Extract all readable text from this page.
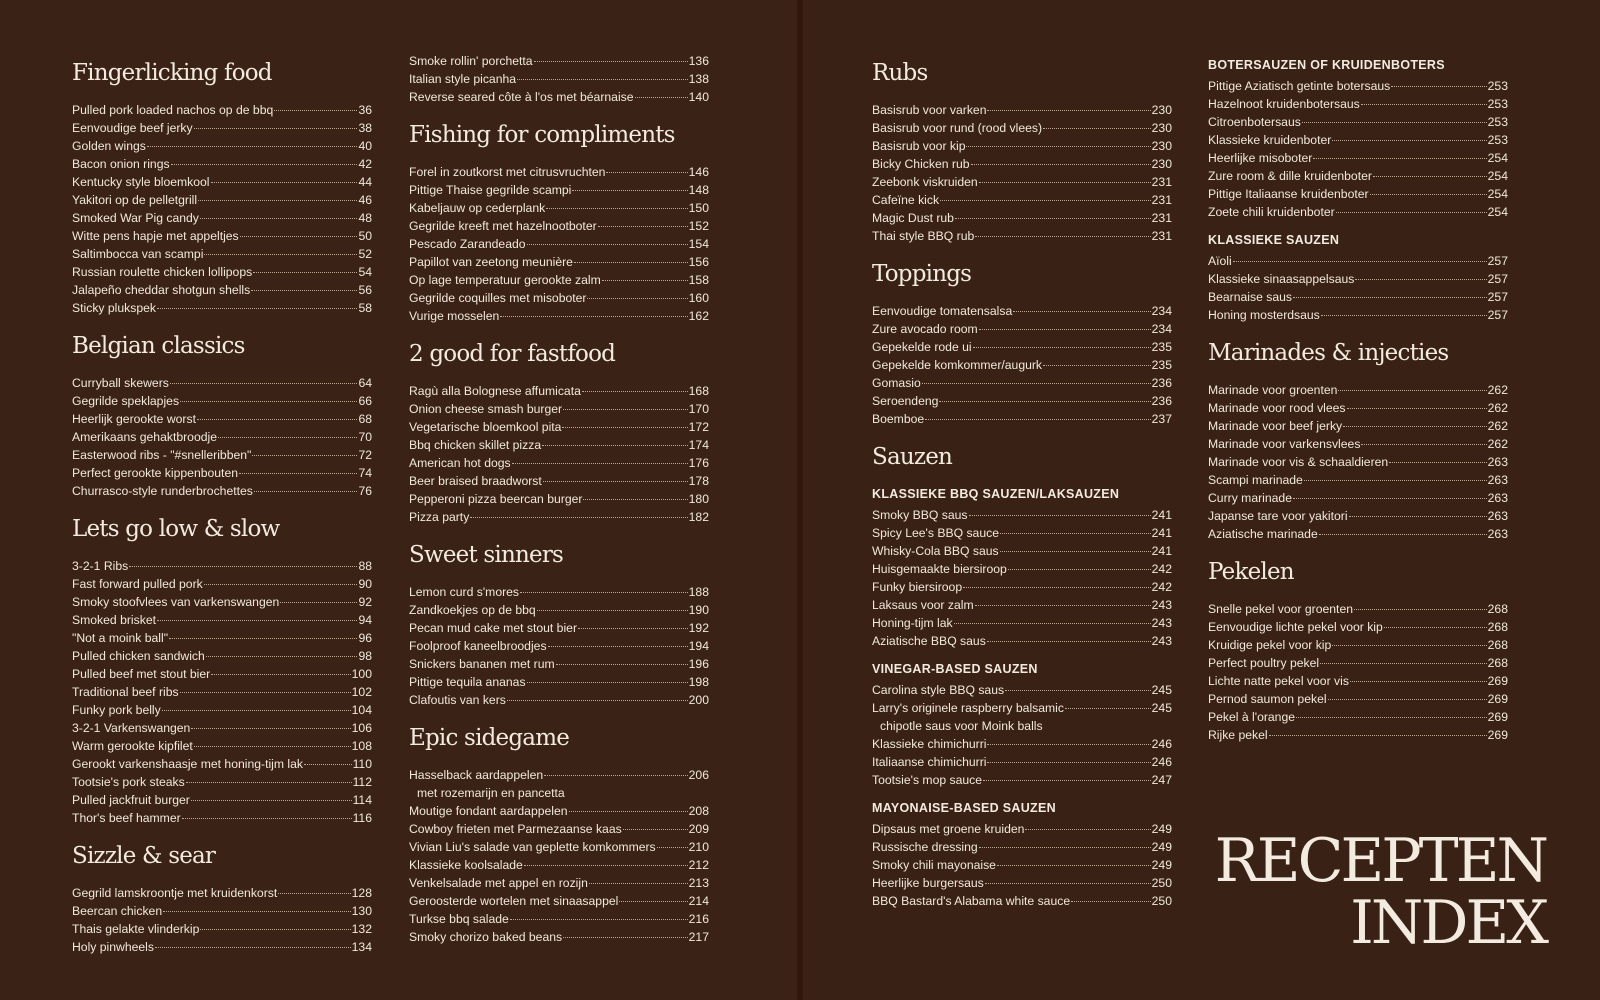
Fingerlicking food
Pulled pork loaded nachos op de bbq	36
Eenvoudige beef jerky	38
Golden wings	40
Bacon onion rings	42
Kentucky style bloemkool	44
Yakitori op de pelletgrill	46
Smoked War Pig candy	48
Witte pens hapje met appeltjes	50
Saltimbocca van scampi	52
Russian roulette chicken lollipops	54
Jalapeño cheddar shotgun shells	56
Sticky plukspek	58
Belgian classics
Curryball skewers	64
Gegrilde speklapjes	66
Heerlijk gerookte worst	68
Amerikaans gehaktbroodje	70
Easterwood ribs - "#snelleribben"	72
Perfect gerookte kippenbouten	74
Churrasco-style runderbrochettes	76
Lets go low & slow
3-2-1 Ribs	88
Fast forward pulled pork	90
Smoky stoofvlees van varkenswangen	92
Smoked brisket	94
"Not a moink ball"	96
Pulled chicken sandwich	98
Pulled beef met stout bier	100
Traditional beef ribs	102
Funky pork belly	104
3-2-1 Varkenswangen	106
Warm gerookte kipfilet	108
Gerookt varkenshaasje met honing-tijm lak	110
Tootsie's pork steaks	112
Pulled jackfruit burger	114
Thor's beef hammer	116
Sizzle & sear
Gegrild lamskroontje met kruidenkorst	128
Beercan chicken	130
Thais gelakte vlinderkip	132
Holy pinwheels	134
Smoke rollin' porchetta	136
Italian style picanha	138
Reverse seared côte à l'os met béarnaise	140
Fishing for compliments
Forel in zoutkorst met citrusvruchten	146
Pittige Thaise gegrilde scampi	148
Kabeljauw op cederplank	150
Gegrilde kreeft met hazelnootboter	152
Pescado Zarandeado	154
Papillot van zeetong meunière	156
Op lage temperatuur gerookte zalm	158
Gegrilde coquilles met misoboter	160
Vurige mosselen	162
2 good for fastfood
Ragù alla Bolognese affumicata	168
Onion cheese smash burger	170
Vegetarische bloemkool pita	172
Bbq chicken skillet pizza	174
American hot dogs	176
Beer braised braadworst	178
Pepperoni pizza beercan burger	180
Pizza party	182
Sweet sinners
Lemon curd s'mores	188
Zandkoekjes op de bbq	190
Pecan mud cake met stout bier	192
Foolproof kaneelbroodjes	194
Snickers bananen met rum	196
Pittige tequila ananas	198
Clafoutis van kers	200
Epic sidegame
Hasselback aardappelen	206
met rozemarijn en pancetta
Moutige fondant aardappelen	208
Cowboy frieten met Parmezaanse kaas	209
Vivian Liu's salade van geplette komkommers	210
Klassieke koolsalade	212
Venkelsalade met appel en rozijn	213
Geroosterde wortelen met sinaasappel	214
Turkse bbq salade	216
Smoky chorizo baked beans	217
Rubs
Basisrub voor varken	230
Basisrub voor rund (rood vlees)	230
Basisrub voor kip	230
Bicky Chicken rub	230
Zeebonk viskruiden	231
Cafeïne kick	231
Magic Dust rub	231
Thai style BBQ rub	231
Toppings
Eenvoudige tomatensalsa	234
Zure avocado room	234
Gepekelde rode ui	235
Gepekelde komkommer/augurk	235
Gomasio	236
Seroendeng	236
Boemboe	237
Sauzen
KLASSIEKE BBQ SAUZEN/LAKSAUZEN
Smoky BBQ saus	241
Spicy Lee's BBQ sauce	241
Whisky-Cola BBQ saus	241
Huisgemaakte biersiroop	242
Funky biersiroop	242
Laksaus voor zalm	243
Honing-tijm lak	243
Aziatische BBQ saus	243
VINEGAR-BASED SAUZEN
Carolina style BBQ saus	245
Larry's originele raspberry balsamic	245
chipotle saus voor Moink balls
Klassieke chimichurri	246
Italiaanse chimichurri	246
Tootsie's mop sauce	247
MAYONAISE-BASED SAUZEN
Dipsaus met groene kruiden	249
Russische dressing	249
Smoky chili mayonaise	249
Heerlijke burgersaus	250
BBQ Bastard's Alabama white sauce	250
BOTERSAUZEN OF KRUIDENBOTERS
Pittige Aziatisch getinte botersaus	253
Hazelnoot kruidenbotersaus	253
Citroenbotersaus	253
Klassieke kruidenboter	253
Heerlijke misoboter	254
Zure room & dille kruidenboter	254
Pittige Italiaanse kruidenboter	254
Zoete chili kruidenboter	254
KLASSIEKE SAUZEN
Aïoli	257
Klassieke sinaasappelsaus	257
Bearnaise saus	257
Honing mosterdsaus	257
Marinades & injecties
Marinade voor groenten	262
Marinade voor rood vlees	262
Marinade voor beef jerky	262
Marinade voor varkensvlees	262
Marinade voor vis & schaaldieren	263
Scampi marinade	263
Curry marinade	263
Japanse tare voor yakitori	263
Aziatische marinade	263
Pekelen
Snelle pekel voor groenten	268
Eenvoudige lichte pekel voor kip	268
Kruidige pekel voor kip	268
Perfect poultry pekel	268
Lichte natte pekel voor vis	269
Pernod saumon pekel	269
Pekel à l'orange	269
Rijke pekel	269
RECEPTEN
INDEX
